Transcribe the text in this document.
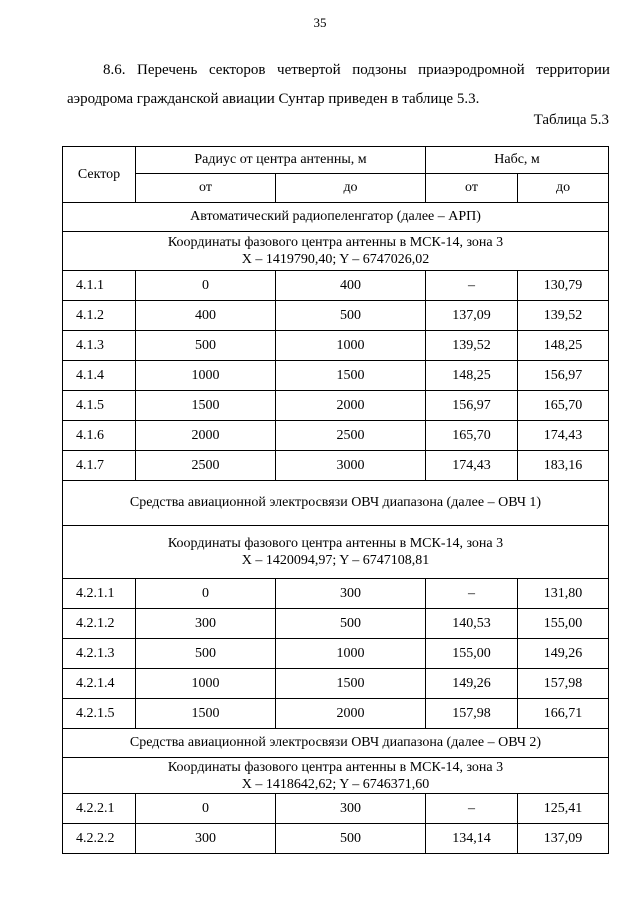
35
8.6. Перечень секторов четвертой подзоны приаэродромной территории
аэродрома гражданской авиации Сунтар приведен в таблице 5.3.
Таблица 5.3
Сектор	Радиус от центра антенны, м		Набс, м	
	от	до	от	до
Автоматический радиопеленгатор (далее – АРП)				

Координаты фазового центра антенны в МСК-14, зона 3
X – 1419790,40; Y – 6747026,02				

4.1.1	0	400	–	130,79
4.1.2	400	500	137,09	139,52
4.1.3	500	1000	139,52	148,25
4.1.4	1000	1500	148,25	156,97
4.1.5	1500	2000	156,97	165,70
4.1.6	2000	2500	165,70	174,43
4.1.7	2500	3000	174,43	183,16
Средства авиационной электросвязи ОВЧ диапазона (далее – ОВЧ 1)				

Координаты фазового центра антенны в МСК-14, зона 3
X – 1420094,97; Y – 6747108,81				

4.2.1.1	0	300	–	131,80
4.2.1.2	300	500	140,53	155,00
4.2.1.3	500	1000	155,00	149,26
4.2.1.4	1000	1500	149,26	157,98
4.2.1.5	1500	2000	157,98	166,71
Средства авиационной электросвязи ОВЧ диапазона (далее – ОВЧ 2)				

Координаты фазового центра антенны в МСК-14, зона 3
X – 1418642,62; Y – 6746371,60				

4.2.2.1	0	300	–	125,41
4.2.2.2	300	500	134,14	137,09
